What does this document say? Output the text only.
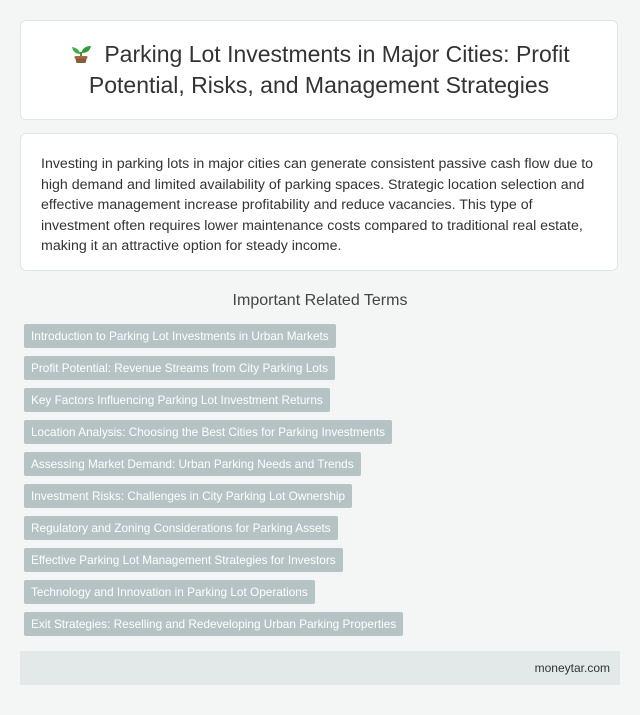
Parking Lot Investments in Major Cities: Profit Potential, Risks, and Management Strategies

Investing in parking lots in major cities can generate consistent passive cash flow due to high demand and limited availability of parking spaces. Strategic location selection and effective management increase profitability and reduce vacancies. This type of investment often requires lower maintenance costs compared to traditional real estate, making it an attractive option for steady income.

Important Related Terms
Introduction to Parking Lot Investments in Urban Markets
Profit Potential: Revenue Streams from City Parking Lots
Key Factors Influencing Parking Lot Investment Returns
Location Analysis: Choosing the Best Cities for Parking Investments
Assessing Market Demand: Urban Parking Needs and Trends
Investment Risks: Challenges in City Parking Lot Ownership
Regulatory and Zoning Considerations for Parking Assets
Effective Parking Lot Management Strategies for Investors
Technology and Innovation in Parking Lot Operations
Exit Strategies: Reselling and Redeveloping Urban Parking Properties
moneytar.com
